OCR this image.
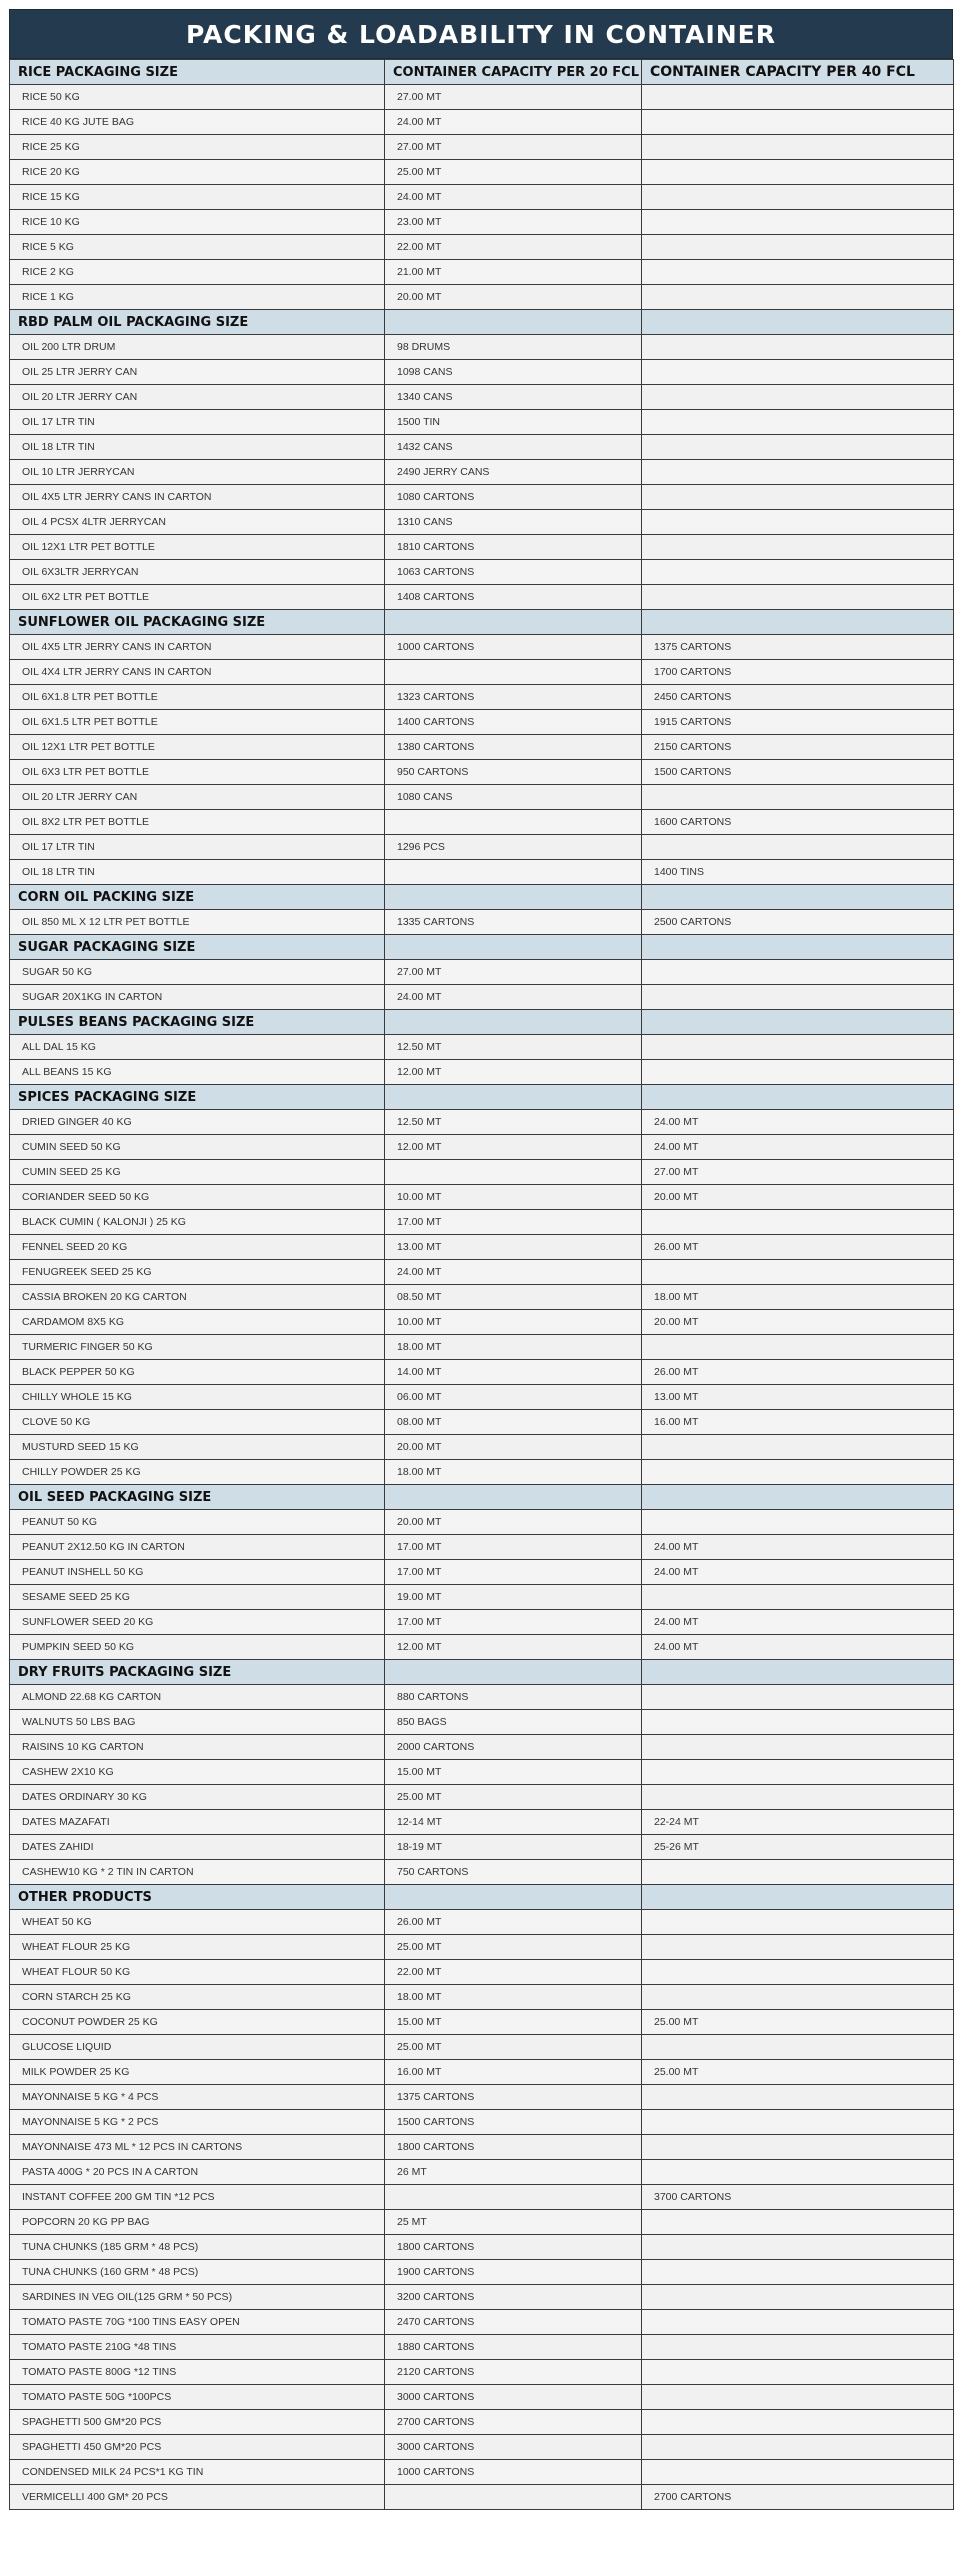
PACKING & LOADABILITY IN CONTAINER
RICE PACKAGING SIZE	CONTAINER CAPACITY PER 20 FCL	CONTAINER CAPACITY PER 40 FCL
RICE 50 KG	27.00 MT	
RICE 40 KG JUTE BAG	24.00 MT	
RICE 25 KG	27.00 MT	
RICE 20 KG	25.00 MT	
RICE 15 KG	24.00 MT	
RICE 10 KG	23.00 MT	
RICE 5 KG	22.00 MT	
RICE 2 KG	21.00 MT	
RICE 1 KG	20.00 MT	
RBD PALM OIL PACKAGING SIZE		
OIL 200 LTR DRUM	98 DRUMS	
OIL 25 LTR JERRY CAN	1098 CANS	
OIL 20 LTR JERRY CAN	1340 CANS	
OIL 17 LTR TIN	1500 TIN	
OIL 18 LTR TIN	1432 CANS	
OIL 10 LTR JERRYCAN	2490 JERRY CANS	
OIL 4X5 LTR JERRY CANS IN CARTON	1080 CARTONS	
OIL 4 PCSX 4LTR JERRYCAN	1310 CANS	
OIL 12X1 LTR PET BOTTLE	1810 CARTONS	
OIL 6X3LTR JERRYCAN	1063 CARTONS	
OIL 6X2 LTR PET BOTTLE	1408 CARTONS	
SUNFLOWER OIL PACKAGING SIZE		
OIL 4X5 LTR JERRY CANS IN CARTON	1000 CARTONS	1375 CARTONS
OIL 4X4 LTR JERRY CANS IN CARTON		1700 CARTONS
OIL 6X1.8 LTR PET BOTTLE	1323 CARTONS	2450 CARTONS
OIL 6X1.5 LTR PET BOTTLE	1400 CARTONS	1915 CARTONS
OIL 12X1 LTR PET BOTTLE	1380 CARTONS	2150 CARTONS
OIL 6X3 LTR PET BOTTLE	950 CARTONS	1500 CARTONS
OIL 20 LTR JERRY CAN	1080 CANS	
OIL 8X2 LTR PET BOTTLE		1600 CARTONS
OIL 17 LTR TIN	1296 PCS	
OIL 18 LTR TIN		1400 TINS
CORN OIL PACKING SIZE		
OIL 850 ML X 12 LTR PET BOTTLE	1335 CARTONS	2500 CARTONS
SUGAR PACKAGING SIZE		
SUGAR 50 KG	27.00 MT	
SUGAR 20X1KG IN CARTON	24.00 MT	
PULSES BEANS PACKAGING SIZE		
ALL DAL 15 KG	12.50 MT	
ALL BEANS 15 KG	12.00 MT	
SPICES PACKAGING SIZE		
DRIED GINGER 40 KG	12.50 MT	24.00 MT
CUMIN SEED 50 KG	12.00 MT	24.00 MT
CUMIN SEED 25 KG		27.00 MT
CORIANDER SEED 50 KG	10.00 MT	20.00 MT
BLACK CUMIN ( KALONJI ) 25 KG	17.00 MT	
FENNEL SEED 20 KG	13.00 MT	26.00 MT
FENUGREEK SEED 25 KG	24.00 MT	
CASSIA BROKEN 20 KG CARTON	08.50 MT	18.00 MT
CARDAMOM 8X5 KG	10.00 MT	20.00 MT
TURMERIC FINGER 50 KG	18.00 MT	
BLACK PEPPER 50 KG	14.00 MT	26.00 MT
CHILLY WHOLE 15 KG	06.00 MT	13.00 MT
CLOVE 50 KG	08.00 MT	16.00 MT
MUSTURD SEED 15 KG	20.00 MT	
CHILLY POWDER 25 KG	18.00 MT	
OIL SEED PACKAGING SIZE		
PEANUT 50 KG	20.00 MT	
PEANUT 2X12.50 KG IN CARTON	17.00 MT	24.00 MT
PEANUT INSHELL 50 KG	17.00 MT	24.00 MT
SESAME SEED 25 KG	19.00 MT	
SUNFLOWER SEED 20 KG	17.00 MT	24.00 MT
PUMPKIN SEED 50 KG	12.00 MT	24.00 MT
DRY FRUITS PACKAGING SIZE		
ALMOND 22.68 KG CARTON	880 CARTONS	
WALNUTS 50 LBS BAG	850 BAGS	
RAISINS 10 KG CARTON	2000 CARTONS	
CASHEW 2X10 KG	15.00 MT	
DATES ORDINARY 30 KG	25.00 MT	
DATES MAZAFATI	12-14 MT	22-24 MT
DATES ZAHIDI	18-19 MT	25-26 MT
CASHEW10 KG * 2 TIN IN CARTON	750 CARTONS	
OTHER PRODUCTS		
WHEAT 50 KG	26.00 MT	
WHEAT FLOUR 25 KG	25.00 MT	
WHEAT FLOUR 50 KG	22.00 MT	
CORN STARCH 25 KG	18.00 MT	
COCONUT POWDER 25 KG	15.00 MT	25.00 MT
GLUCOSE LIQUID	25.00 MT	
MILK POWDER 25 KG	16.00 MT	25.00 MT
MAYONNAISE 5 KG * 4 PCS	1375 CARTONS	
MAYONNAISE 5 KG * 2 PCS	1500 CARTONS	
MAYONNAISE 473 ML * 12 PCS IN CARTONS	1800 CARTONS	
PASTA 400G * 20 PCS IN A CARTON	26 MT	
INSTANT COFFEE 200 GM TIN *12 PCS		3700 CARTONS
POPCORN 20 KG PP BAG	25 MT	
TUNA CHUNKS (185 GRM * 48 PCS)	1800 CARTONS	
TUNA CHUNKS (160 GRM * 48 PCS)	1900 CARTONS	
SARDINES IN VEG OIL(125 GRM * 50 PCS)	3200 CARTONS	
TOMATO PASTE 70G *100 TINS EASY OPEN	2470 CARTONS	
TOMATO PASTE 210G *48 TINS	1880 CARTONS	
TOMATO PASTE 800G *12 TINS	2120 CARTONS	
TOMATO PASTE 50G *100PCS	3000 CARTONS	
SPAGHETTI 500 GM*20 PCS	2700 CARTONS	
SPAGHETTI 450 GM*20 PCS	3000 CARTONS	
CONDENSED MILK 24 PCS*1 KG TIN	1000 CARTONS	
VERMICELLI 400 GM* 20 PCS		2700 CARTONS
